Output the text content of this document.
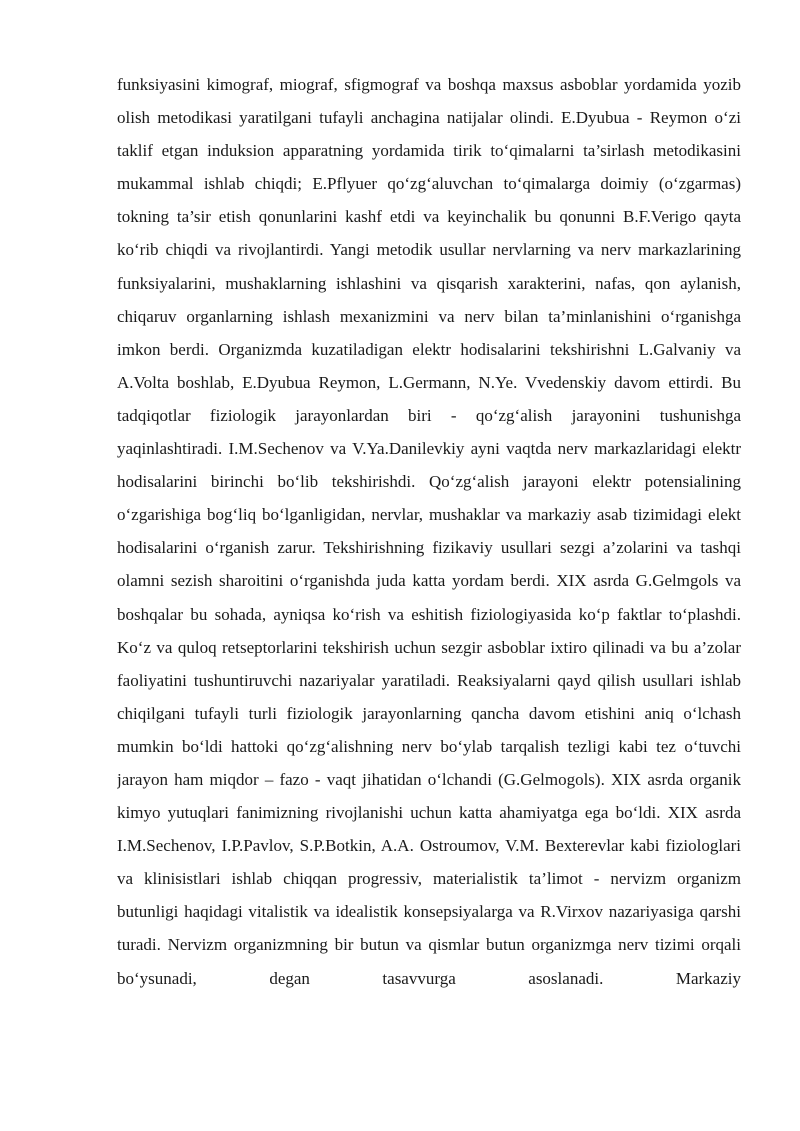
funksiyasini kimograf, miograf, sfigmograf va boshqa maxsus asboblar yordamida yozib olish metodikasi yaratilgani tufayli anchagina natijalar olindi. E.Dyubua - Reymon o‘zi taklif etgan induksion apparatning yordamida tirik to‘qimalarni ta’sirlash metodikasini mukammal ishlab chiqdi; E.Pflyuer qo‘zg‘aluvchan to‘qimalarga doimiy (o‘zgarmas) tokning ta’sir etish qonunlarini kashf etdi va keyinchalik bu qonunni B.F.Verigo qayta ko‘rib chiqdi va rivojlantirdi. Yangi metodik usullar nervlarning va nerv markazlarining funksiyalarini, mushaklarning ishlashini va qisqarish xarakterini, nafas, qon aylanish, chiqaruv organlarning ishlash mexanizmini va nerv bilan ta’minlanishini o‘rganishga imkon berdi. Organizmda kuzatiladigan elektr hodisalarini tekshirishni L.Galvaniy va A.Volta boshlab, E.Dyubua Reymon, L.Germann, N.Ye. Vvedenskiy davom ettirdi. Bu tadqiqotlar fiziologik jarayonlardan biri - qo‘zg‘alish jarayonini tushunishga yaqinlashtiradi. I.M.Sechenov va V.Ya.Danilevkiy ayni vaqtda nerv markazlaridagi elektr hodisalarini birinchi bo‘lib tekshirishdi. Qo‘zg‘alish jarayoni elektr potensialining o‘zgarishiga bog‘liq bo‘lganligidan, nervlar, mushaklar va markaziy asab tizimidagi elekt hodisalarini o‘rganish zarur. Tekshirishning fizikaviy usullari sezgi a’zolarini va tashqi olamni sezish sharoitini o‘rganishda juda katta yordam berdi. XIX asrda G.Gelmgols va boshqalar bu sohada, ayniqsa ko‘rish va eshitish fiziologiyasida ko‘p faktlar to‘plashdi. Ko‘z va quloq retseptorlarini tekshirish uchun sezgir asboblar ixtiro qilinadi va bu a’zolar faoliyatini tushuntiruvchi nazariyalar yaratiladi. Reaksiyalarni qayd qilish usullari ishlab chiqilgani tufayli turli fiziologik jarayonlarning qancha davom etishini aniq o‘lchash mumkin bo‘ldi hattoki qo‘zg‘alishning nerv bo‘ylab tarqalish tezligi kabi tez o‘tuvchi jarayon ham miqdor – fazo - vaqt jihatidan o‘lchandi (G.Gelmogols). XIX asrda organik kimyo yutuqlari fanimizning rivojlanishi uchun katta ahamiyatga ega bo‘ldi. XIX asrda I.M.Sechenov, I.P.Pavlov, S.P.Botkin, A.A. Ostroumov, V.M. Bexterevlar kabi fiziologlari va klinisistlari ishlab chiqqan progressiv, materialistik ta’limot - nervizm organizm butunligi haqidagi vitalistik va idealistik konsepsiyalarga va R.Virxov nazariyasiga qarshi turadi. Nervizm organizmning bir butun va qismlar butun organizmga nerv tizimi orqali bo‘ysunadi, degan tasavvurga asoslanadi. Markaziy
